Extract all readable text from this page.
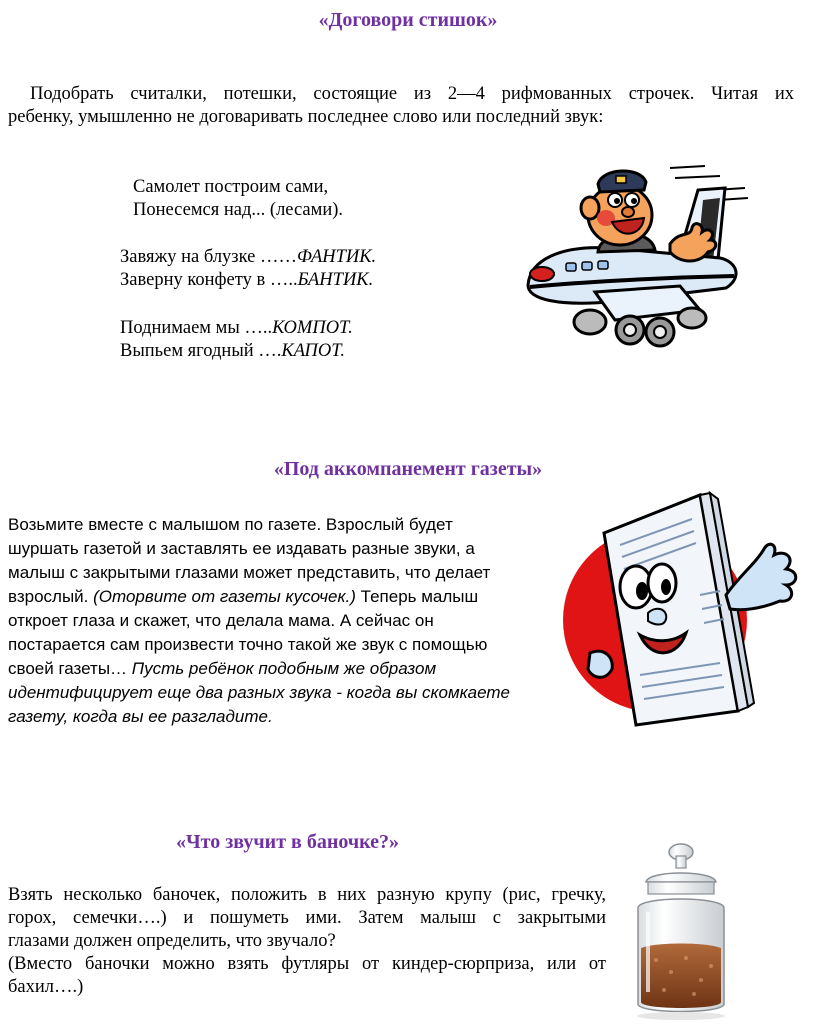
«Договори стишок»
Подобрать считалки, потешки, состоящие из 2—4 рифмованных строчек. Читая их
ребенку, умышленно не договаривать последнее слово или последний звук:
Самолет построим сами,
Понесемся над... (лесами).
Завяжу на блузке ……ФАНТИК.
Заверну конфету в …..БАНТИК.
Поднимаем мы …..КОМПОТ.
Выпьем ягодный ….КАПОТ.
«Под аккомпанемент газеты»
Возьмите вместе с малышом по газете. Взрослый будет
шуршать газетой и заставлять ее издавать разные звуки, а
малыш с закрытыми глазами может представить, что делает
взрослый. (Оторвите от газеты кусочек.) Теперь малыш
откроет глаза и скажет, что делала мама. А сейчас он
постарается сам произвести точно такой же звук с помощью
своей газеты… Пусть ребёнок подобным же образом
идентифицирует еще два разных звука - когда вы скомкаете
газету, когда вы ее разгладите.
«Что звучит в баночке?»
Взять несколько баночек, положить в них разную крупу (рис, гречку,
горох, семечки….) и пошуметь ими. Затем малыш с закрытыми
глазами должен определить, что звучало?
(Вместо баночки можно взять футляры от киндер-сюрприза, или от
бахил….)
